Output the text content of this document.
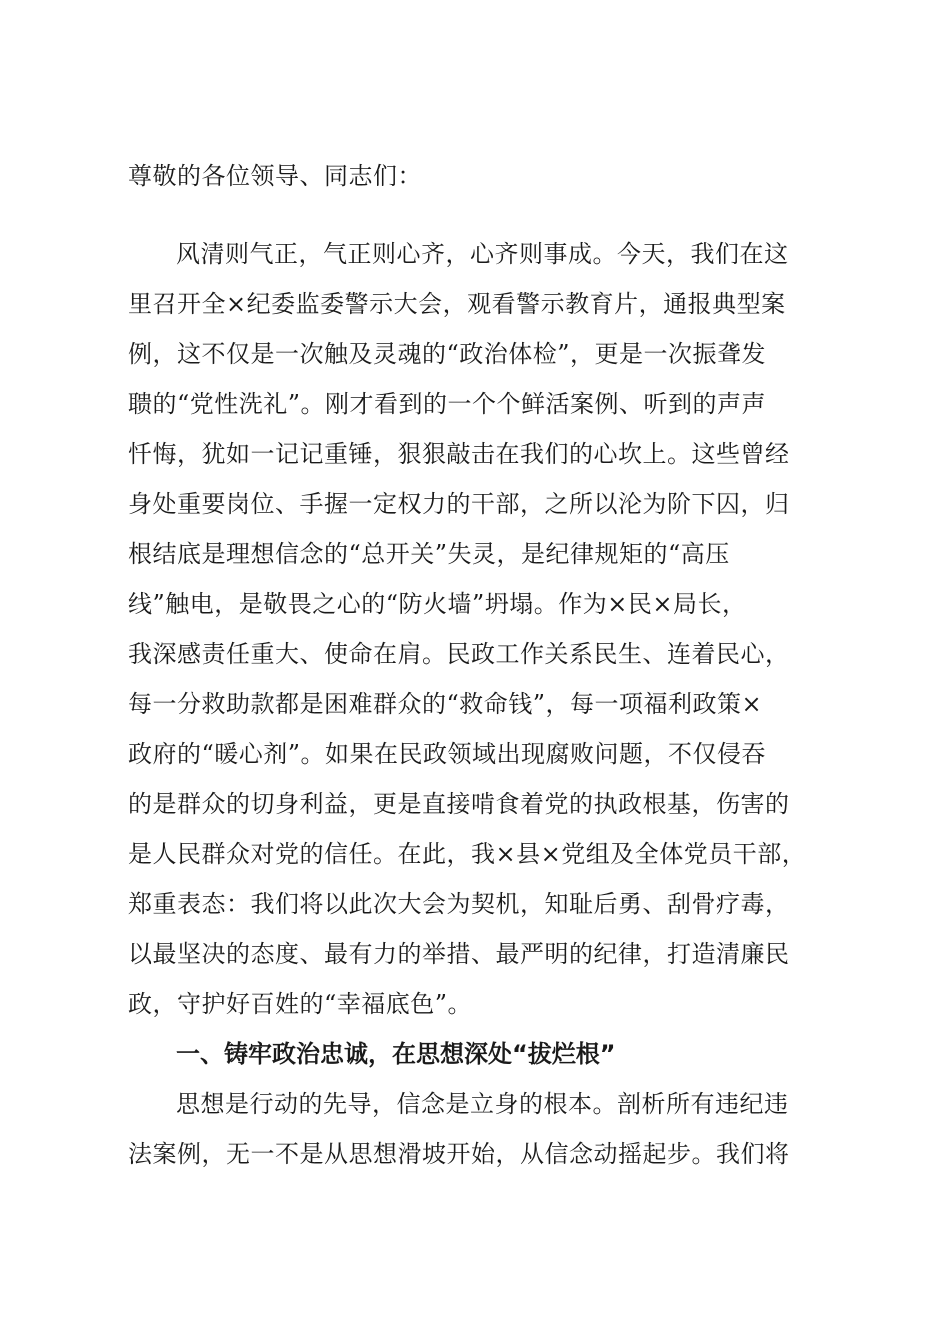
尊敬的各位领导、同志们：
风清则气正，气正则心齐，心齐则事成。今天，我们在这
里召开全×纪委监委警示大会，观看警示教育片，通报典型案
例，这不仅是一次触及灵魂的“政治体检”，更是一次振聋发
聩的“党性洗礼”。刚才看到的一个个鲜活案例、听到的声声
忏悔，犹如一记记重锤，狠狠敲击在我们的心坎上。这些曾经
身处重要岗位、手握一定权力的干部，之所以沦为阶下囚，归
根结底是理想信念的“总开关”失灵，是纪律规矩的“高压
线”触电，是敬畏之心的“防火墙”坍塌。作为×民×局长，
我深感责任重大、使命在肩。民政工作关系民生、连着民心，
每一分救助款都是困难群众的“救命钱”，每一项福利政策×
政府的“暖心剂”。如果在民政领域出现腐败问题，不仅侵吞
的是群众的切身利益，更是直接啃食着党的执政根基，伤害的
是人民群众对党的信任。在此，我×县×党组及全体党员干部，
郑重表态：我们将以此次大会为契机，知耻后勇、刮骨疗毒，
以最坚决的态度、最有力的举措、最严明的纪律，打造清廉民
政，守护好百姓的“幸福底色”。
一、铸牢政治忠诚，在思想深处“拔烂根”
思想是行动的先导，信念是立身的根本。剖析所有违纪违
法案例，无一不是从思想滑坡开始，从信念动摇起步。我们将
